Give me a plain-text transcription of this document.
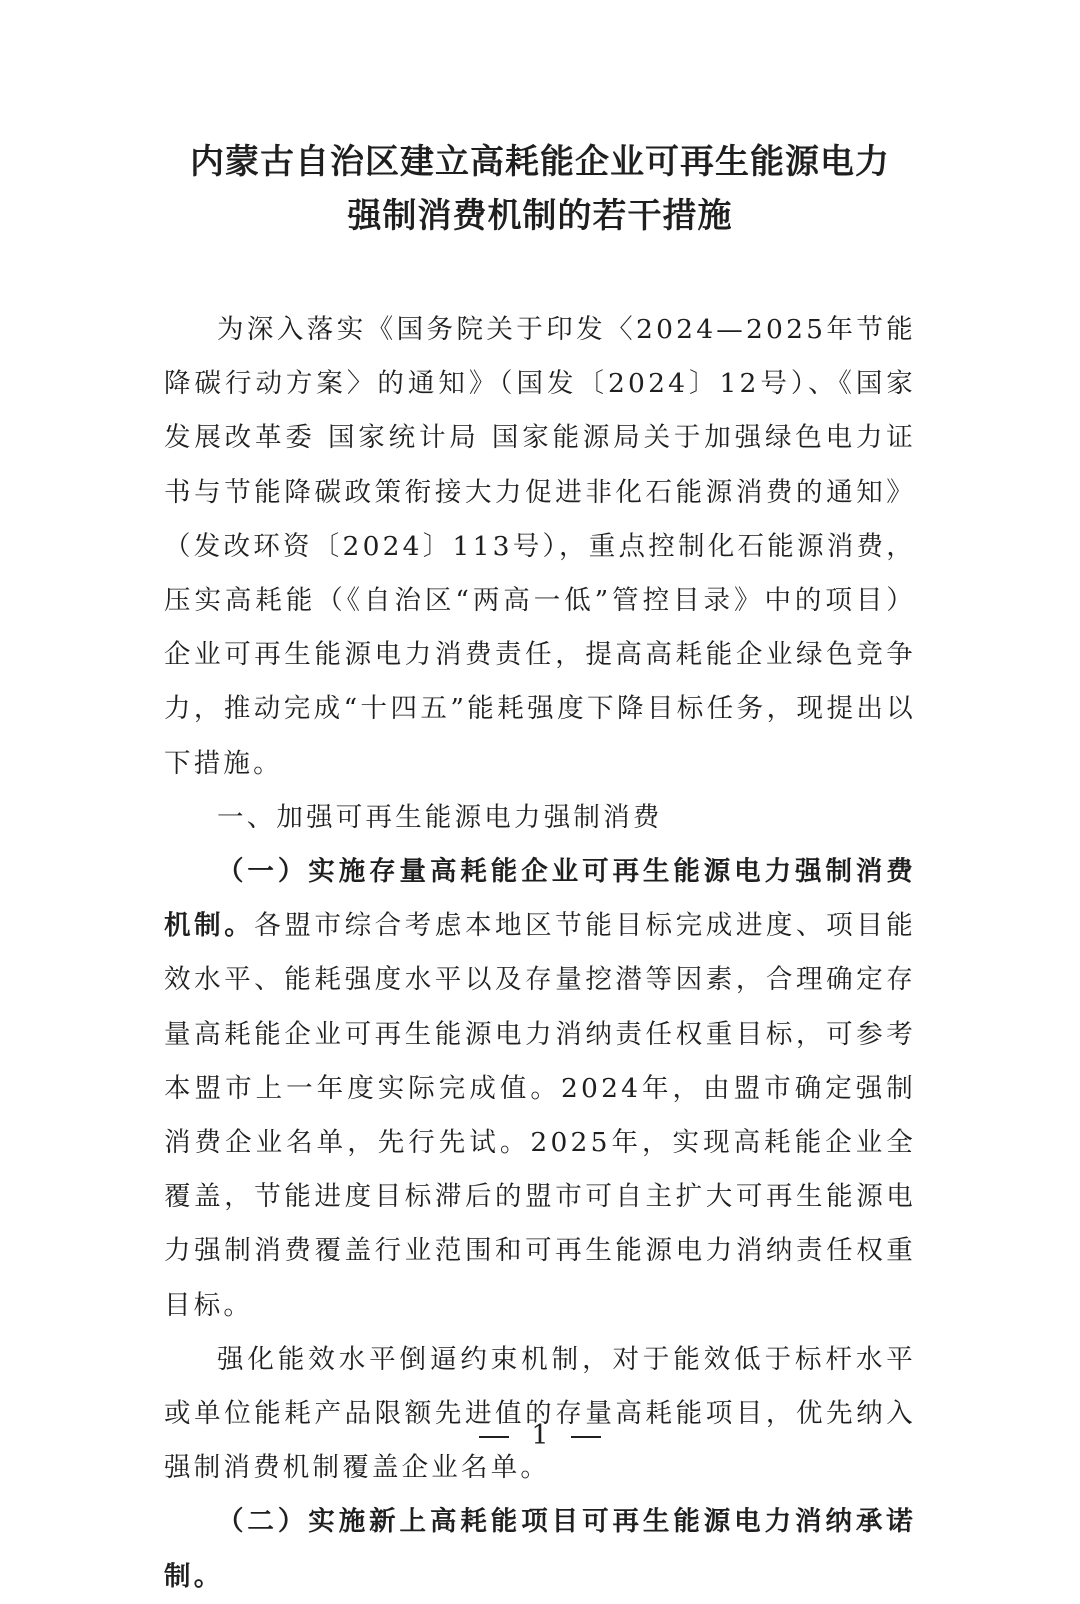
内蒙古自治区建立高耗能企业可再生能源电力
强制消费机制的若干措施

为深入落实《国务院关于印发〈2024—2025年节能降碳行动方案〉的通知》（国发〔2024〕12号）、《国家发展改革委 国家统计局 国家能源局关于加强绿色电力证书与节能降碳政策衔接大力促进非化石能源消费的通知》（发改环资〔2024〕113号），重点控制化石能源消费，压实高耗能（《自治区“两高一低”管控目录》中的项目）企业可再生能源电力消费责任，提高高耗能企业绿色竞争力，推动完成“十四五”能耗强度下降目标任务，现提出以下措施。

一、加强可再生能源电力强制消费

（一）实施存量高耗能企业可再生能源电力强制消费机制。各盟市综合考虑本地区节能目标完成进度、项目能效水平、能耗强度水平以及存量挖潜等因素，合理确定存量高耗能企业可再生能源电力消纳责任权重目标，可参考本盟市上一年度实际完成值。2024年，由盟市确定强制消费企业名单，先行先试。2025年，实现高耗能企业全覆盖，节能进度目标滞后的盟市可自主扩大可再生能源电力强制消费覆盖行业范围和可再生能源电力消纳责任权重目标。

强化能效水平倒逼约束机制，对于能效低于标杆水平或单位能耗产品限额先进值的存量高耗能项目，优先纳入强制消费机制覆盖企业名单。

（二）实施新上高耗能项目可再生能源电力消纳承诺制。

1
